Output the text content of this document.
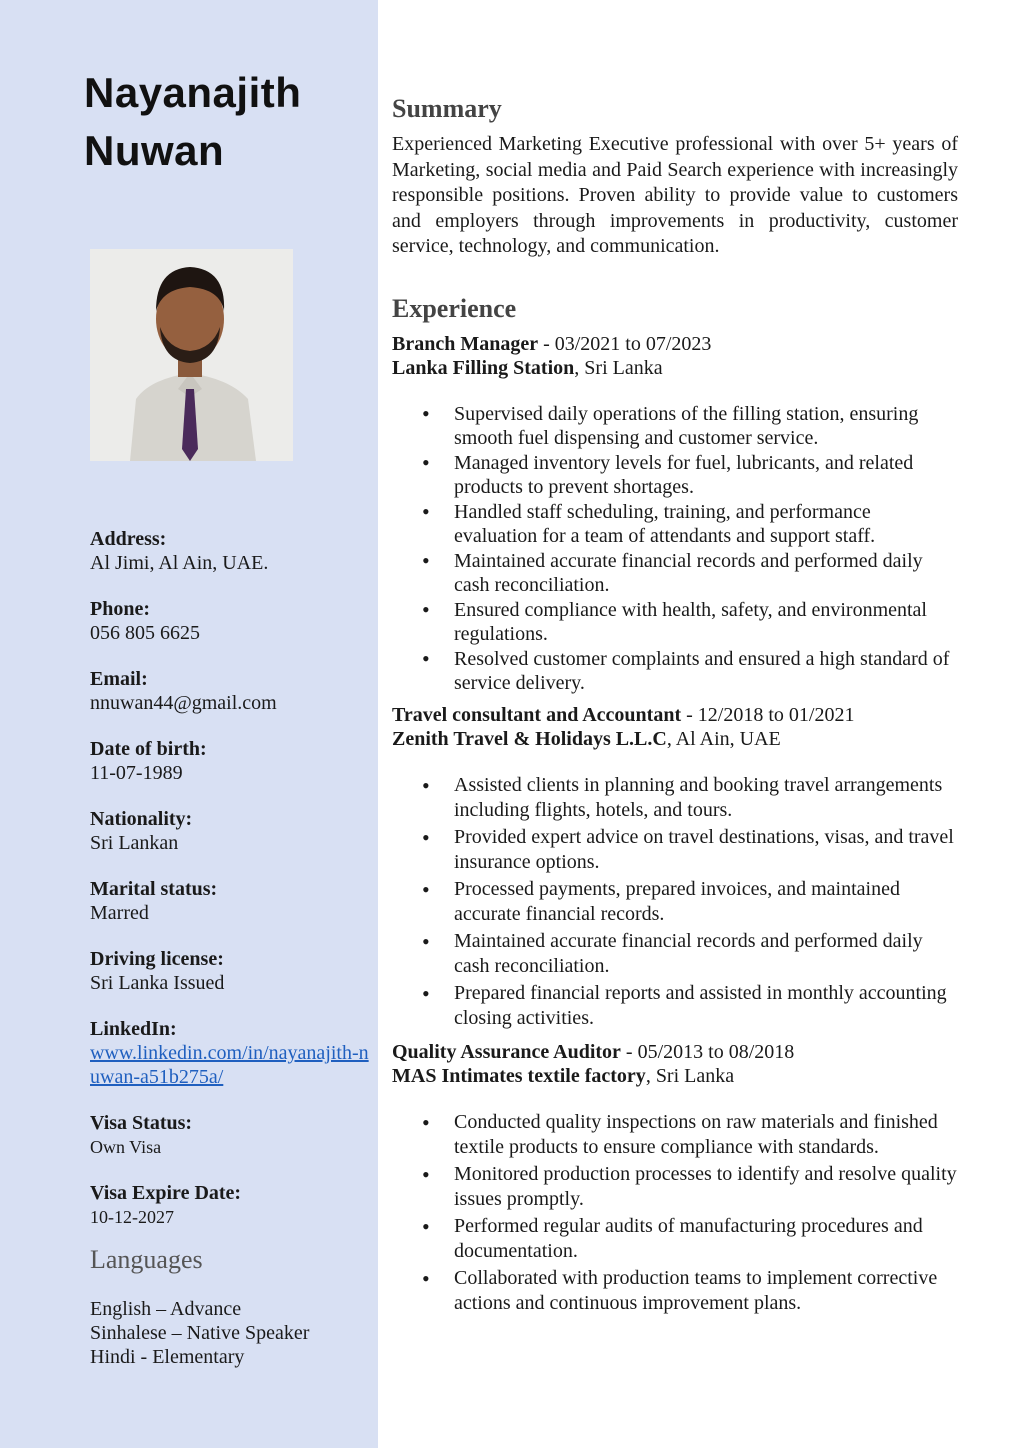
Nayanajith
Nuwan
Address:
Al Jimi, Al Ain, UAE.
Phone:
056 805 6625
Email:
nnuwan44@gmail.com
Date of birth:
11-07-1989
Nationality:
Sri Lankan
Marital status:
Marred
Driving license:
Sri Lanka Issued
LinkedIn:
www.linkedin.com/in/nayanajith-nuwan-a51b275a/
Visa Status:
Own Visa
Visa Expire Date:
10-12-2027
Languages
English – Advance
Sinhalese – Native Speaker
Hindi - Elementary
Summary

Experienced Marketing Executive professional with over 5+ years of Marketing, social media and Paid Search experience with increasingly responsible positions. Proven ability to provide value to customers and employers through improvements in productivity, customer service, technology, and communication.

Experience
Branch Manager - 03/2021 to 07/2023
Lanka Filling Station, Sri Lanka
• Supervised daily operations of the filling station, ensuring smooth fuel dispensing and customer service.
• Managed inventory levels for fuel, lubricants, and related products to prevent shortages.
• Handled staff scheduling, training, and performance evaluation for a team of attendants and support staff.
• Maintained accurate financial records and performed daily cash reconciliation.
• Ensured compliance with health, safety, and environmental regulations.
• Resolved customer complaints and ensured a high standard of service delivery.
Travel consultant and Accountant - 12/2018 to 01/2021
Zenith Travel & Holidays L.L.C, Al Ain, UAE
• Assisted clients in planning and booking travel arrangements including flights, hotels, and tours.
• Provided expert advice on travel destinations, visas, and travel insurance options.
• Processed payments, prepared invoices, and maintained accurate financial records.
• Maintained accurate financial records and performed daily cash reconciliation.
• Prepared financial reports and assisted in monthly accounting closing activities.
Quality Assurance Auditor - 05/2013 to 08/2018
MAS Intimates textile factory, Sri Lanka
• Conducted quality inspections on raw materials and finished textile products to ensure compliance with standards.
• Monitored production processes to identify and resolve quality issues promptly.
• Performed regular audits of manufacturing procedures and documentation.
• Collaborated with production teams to implement corrective actions and continuous improvement plans.
